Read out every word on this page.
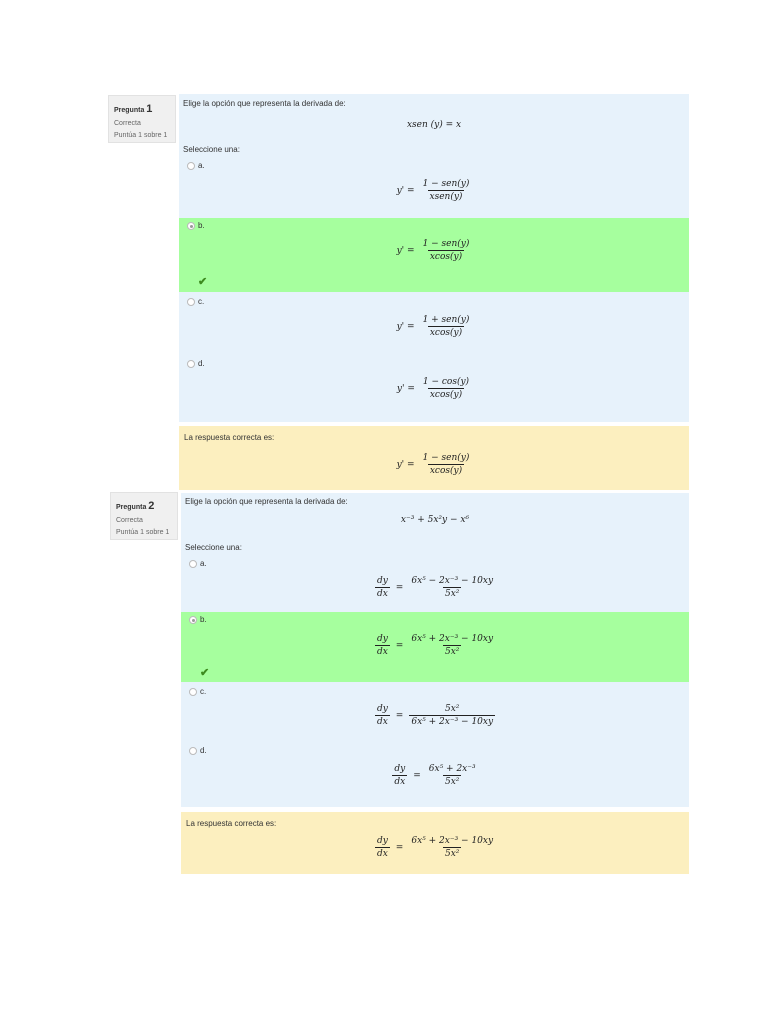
Pregunta 1
Correcta
Puntúa 1 sobre 1
Elige la opción que representa la derivada de:
xsen (y) = x
Seleccione una:
a.
$y' = \frac{\text{1 − sen(y)}}{\text{xsen(y)}}$
b.
$y' = \frac{\text{1 − sen(y)}}{xcos(y)}$
✔
c.
$y' = \frac{\text{1 + sen(y)}}{xcos(y)}$
d.
$y' = \frac{1 - \cos(y)}{xcos(y)}$
La respuesta correcta es:
$y' = \frac{\text{1 − sen(y)}}{xcos(y)}$
Pregunta 2
Correcta
Puntúa 1 sobre 1
Elige la opción que representa la derivada de:
x⁻³ + 5x²y − x⁶
Seleccione una:
a.
$\frac{dy}{dx} = \frac{\text{6x⁵ − 2x⁻³ − 10xy}}{\text{5x²}}$
b.
$\frac{dy}{dx} = \frac{\text{6x⁵ + 2x⁻³ − 10xy}}{\text{5x²}}$
✔
c.
$\frac{dy}{dx} = \frac{\text{5x²}}{\text{6x⁵ + 2x⁻³ − 10xy}}$
d.
$\frac{dy}{dx} = \frac{\text{6x⁵ + 2x⁻³}}{\text{5x²}}$
La respuesta correcta es:
$\frac{dy}{dx} = \frac{\text{6x⁵ + 2x⁻³ − 10xy}}{\text{5x²}}$
